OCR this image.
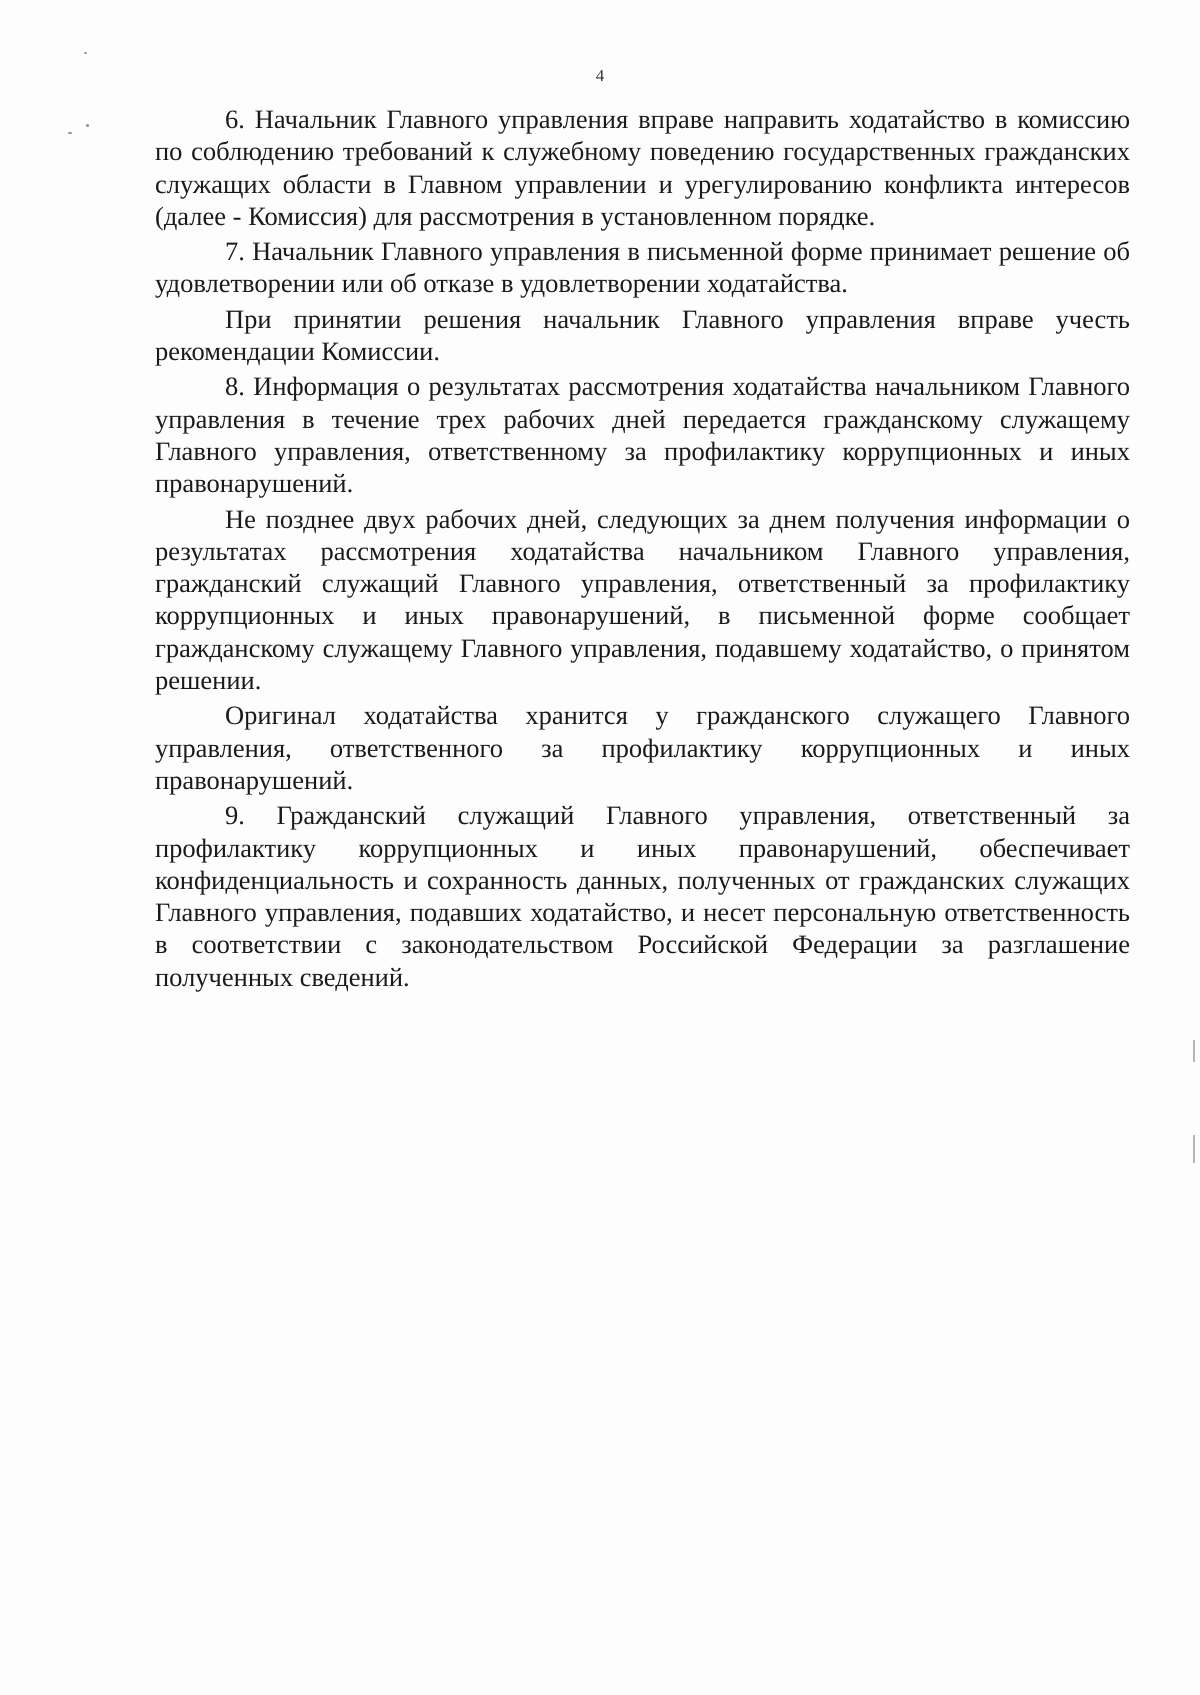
4

6. Начальник Главного управления вправе направить ходатайство в комиссию по соблюдению требований к служебному поведению государственных гражданских служащих области в Главном управлении и урегулированию конфликта интересов (далее - Комиссия) для рассмотрения в установленном порядке.

7. Начальник Главного управления в письменной форме принимает решение об удовлетворении или об отказе в удовлетворении ходатайства.

При принятии решения начальник Главного управления вправе учесть рекомендации Комиссии.

8. Информация о результатах рассмотрения ходатайства начальником Главного управления в течение трех рабочих дней передается гражданскому служащему Главного управления, ответственному за профилактику коррупционных и иных правонарушений.

Не позднее двух рабочих дней, следующих за днем получения информации о результатах рассмотрения ходатайства начальником Главного управления, гражданский служащий Главного управления, ответственный за профилактику коррупционных и иных правонарушений, в письменной форме сообщает гражданскому служащему Главного управления, подавшему ходатайство, о принятом решении.

Оригинал ходатайства хранится у гражданского служащего Главного управления, ответственного за профилактику коррупционных и иных правонарушений.

9. Гражданский служащий Главного управления, ответственный за профилактику коррупционных и иных правонарушений, обеспечивает конфиденциальность и сохранность данных, полученных от гражданских служащих Главного управления, подавших ходатайство, и несет персональную ответственность в соответствии с законодательством Российской Федерации за разглашение полученных сведений.
